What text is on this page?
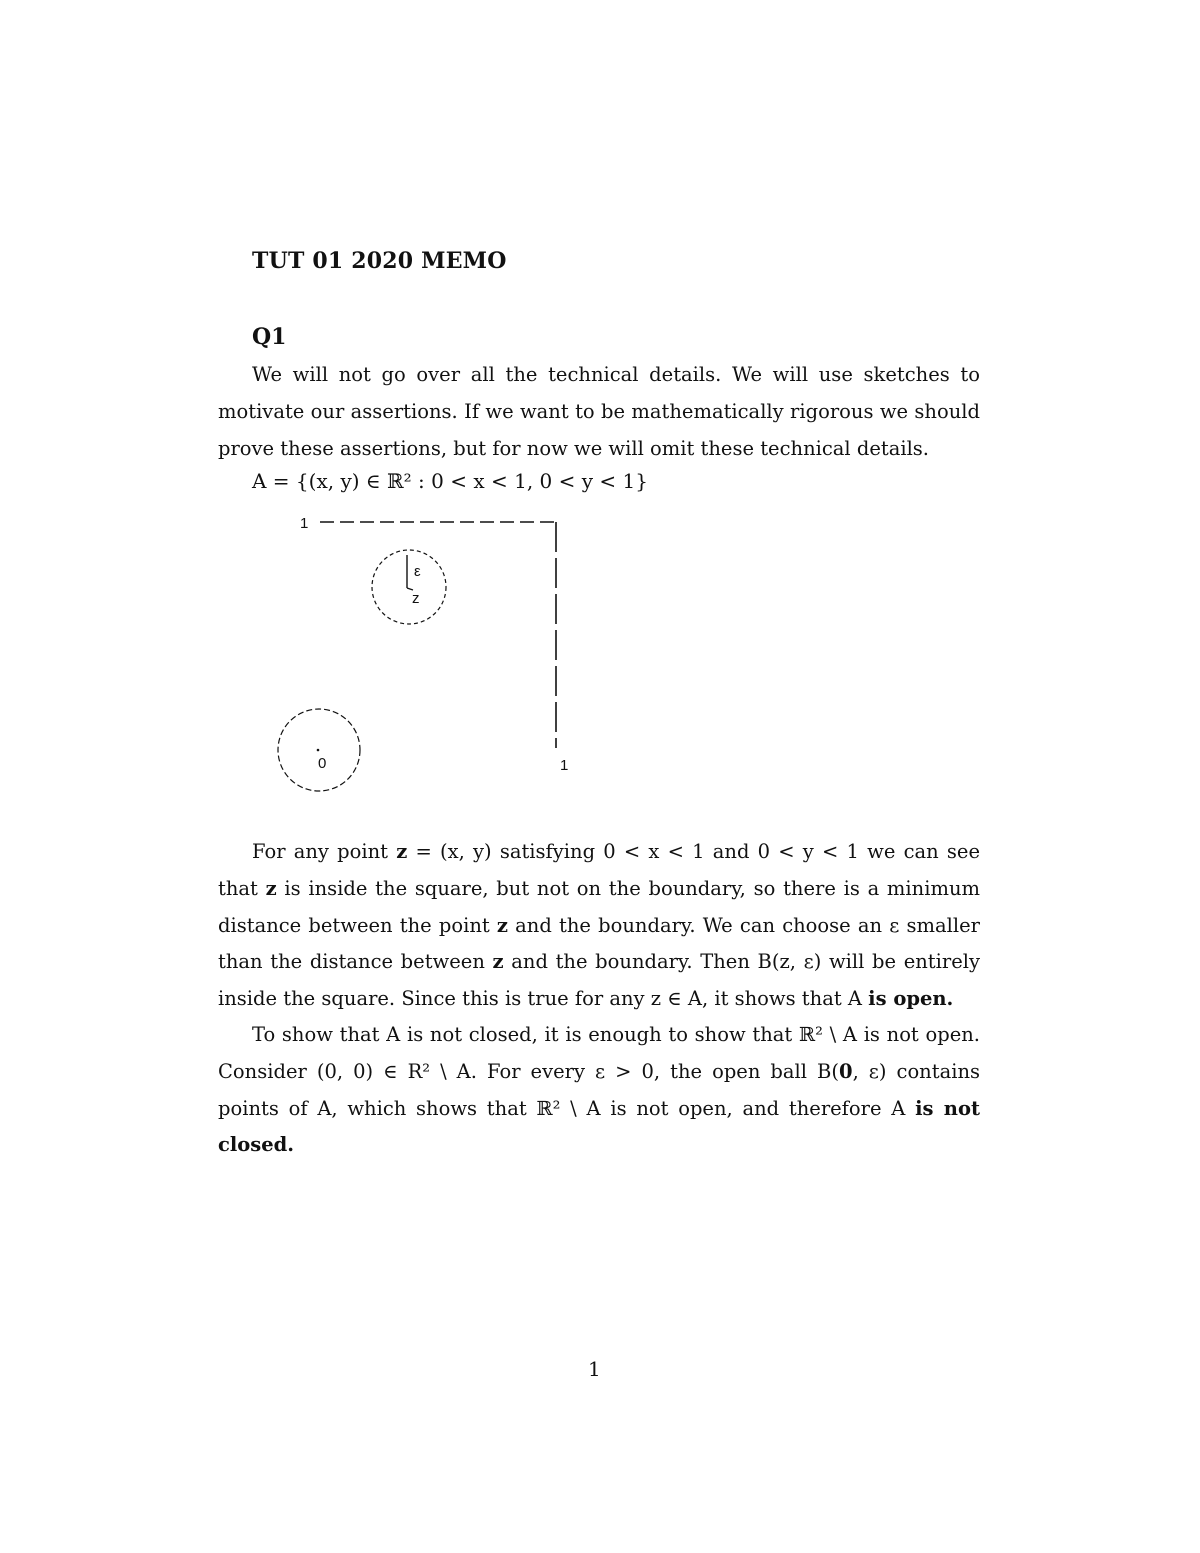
TUT 01 2020 MEMO
Q1

We will not go over all the technical details. We will use sketches to motivate our assertions. If we want to be mathematically rigorous we should prove these assertions, but for now we will omit these technical details.

A = {(x, y) ∈ ℝ² : 0 < x < 1, 0 < y < 1}
1
1
ε
z
0

For any point z = (x, y) satisfying 0 < x < 1 and 0 < y < 1 we can see that z is inside the square, but not on the boundary, so there is a minimum distance between the point z and the boundary. We can choose an ε smaller than the distance between z and the boundary. Then B(z, ε) will be entirely inside the square. Since this is true for any z ∈ A, it shows that A is open.

To show that A is not closed, it is enough to show that ℝ² \ A is not open. Consider (0, 0) ∈ R² \ A. For every ε > 0, the open ball B(0, ε) contains points of A, which shows that ℝ² \ A is not open, and therefore A is not closed.

1
